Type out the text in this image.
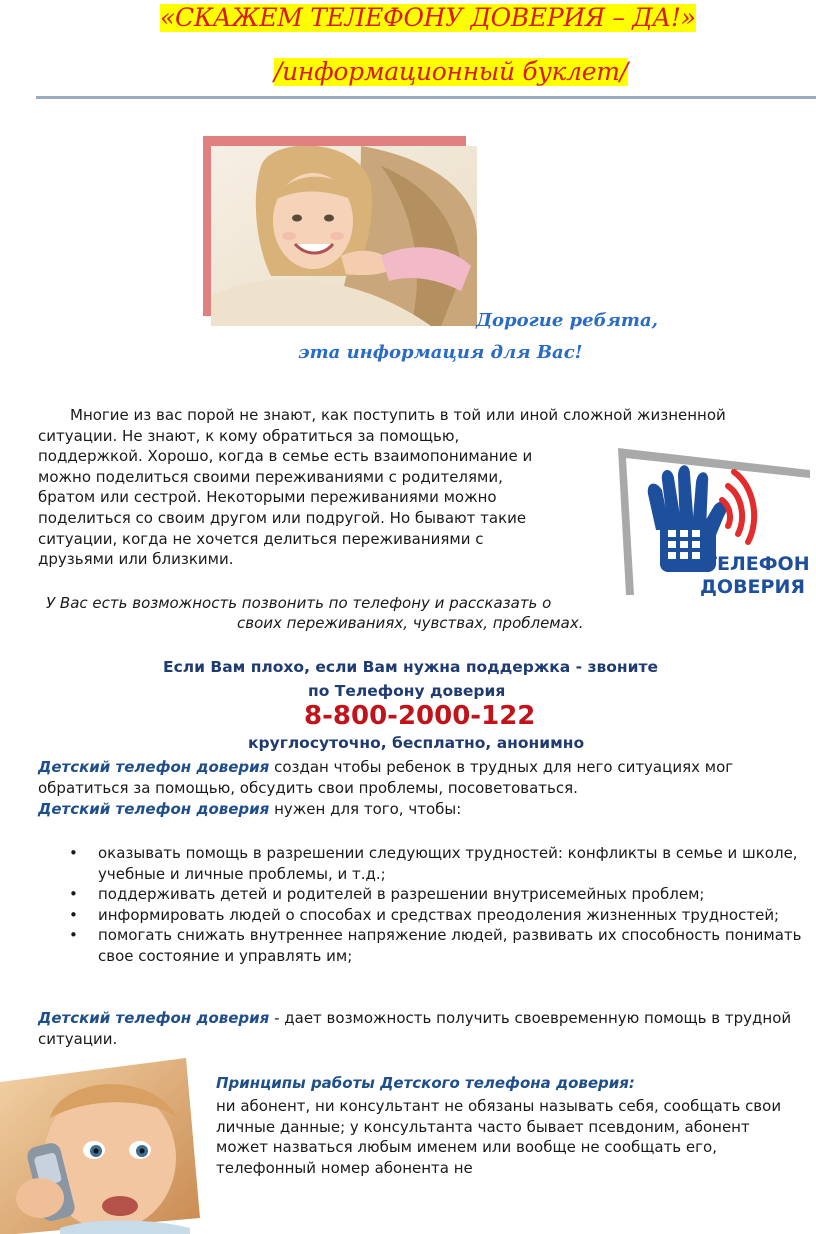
«СКАЖЕМ ТЕЛЕФОНУ ДОВЕРИЯ – ДА!»
/информационный буклет/
Дорогие ребята,
эта информация для Вас!

Многие из вас порой не знают, как поступить в той или иной сложной жизненной

ситуации. Не знают, к кому обратиться за помощью,

поддержкой. Хорошо, когда в семье есть взаимопонимание и

можно поделиться своими переживаниями с родителями,

братом или сестрой. Некоторыми переживаниями можно

поделиться со своим другом или подругой. Но бывают такие

ситуации, когда не хочется делиться переживаниями с

друзьями или близкими.	ТЕЛЕФОН
ДОВЕРИЯ
У Вас есть возможность позвонить по телефону и рассказать о
своих переживаниях, чувствах, проблемах.
Если Вам плохо, если Вам нужна поддержка - звоните
по Телефону доверия
8-800-2000-122
круглосуточно, бесплатно, анонимно
Детский телефон доверия создан чтобы ребенок в трудных для него ситуациях мог обратиться за помощью, обсудить свои проблемы, посоветоваться.
Детский телефон доверия нужен для того, чтобы:
• оказывать помощь в разрешении следующих трудностей: конфликты в семье и школе, учебные и личные проблемы, и т.д.;
• поддерживать детей и родителей в разрешении внутрисемейных проблем;
• информировать людей о способах и средствах преодоления жизненных трудностей;
• помогать снижать внутреннее напряжение людей, развивать их способность понимать свое состояние и управлять им;
Детский телефон доверия - дает возможность получить своевременную помощь в трудной ситуации.
Принципы работы Детского телефона доверия:
ни абонент, ни консультант не обязаны называть себя, сообщать свои личные данные; у консультанта часто бывает псевдоним, абонент может назваться любым именем или вообще не сообщать его, телефонный номер абонента не
